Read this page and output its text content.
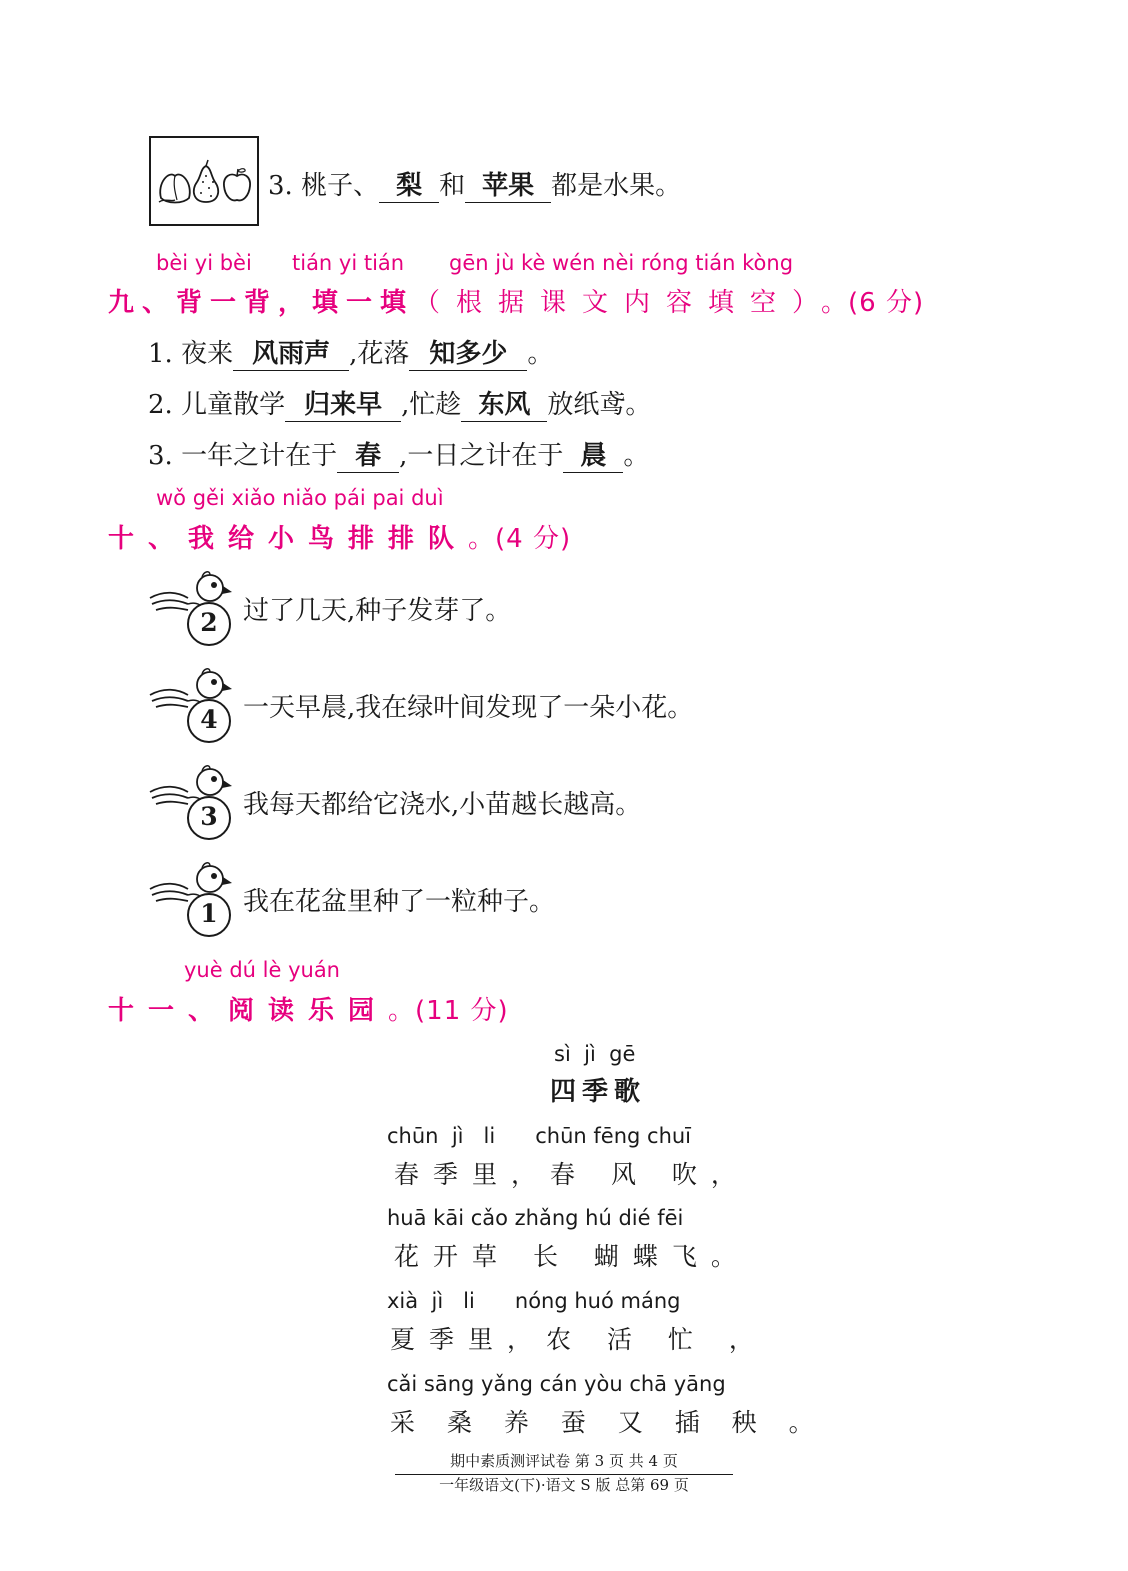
3. 桃子、 梨 和 苹果 都是水果。
bèi yi bèi tián yi tián gēn jù kè wén nèi róng tián kòng
九、背一背，填一填（根据课文内容填空）。(6 分)
1. 夜来 风雨声 ,花落 知多少 。
2. 儿童散学 归来早 ,忙趁 东风 放纸鸢。
3. 一年之计在于 春 ,一日之计在于 晨 。
wǒ gěi xiǎo niǎo pái pai duì
十、我给小鸟排排队。(4 分)
2 过了几天,种子发芽了。
4 一天早晨,我在绿叶间发现了一朵小花。
3 我每天都给它浇水,小苗越长越高。
1 我在花盆里种了一粒种子。
yuè dú lè yuán
十一、阅读乐园。(11 分)
sì  jì  gē
四季歌
chūn  jì   li      chūn fēng chuī
春季里，春 风 吹，
huā kāi cǎo zhǎng hú dié fēi
花开草 长 蝴蝶飞。
xià  jì   li      nóng huó máng
夏季里，农 活 忙 ，
cǎi sāng yǎng cán yòu chā yāng
采 桑 养 蚕 又 插 秧 。
期中素质测评试卷 第 3 页 共 4 页
一年级语文(下)·语文 S 版 总第 69 页
